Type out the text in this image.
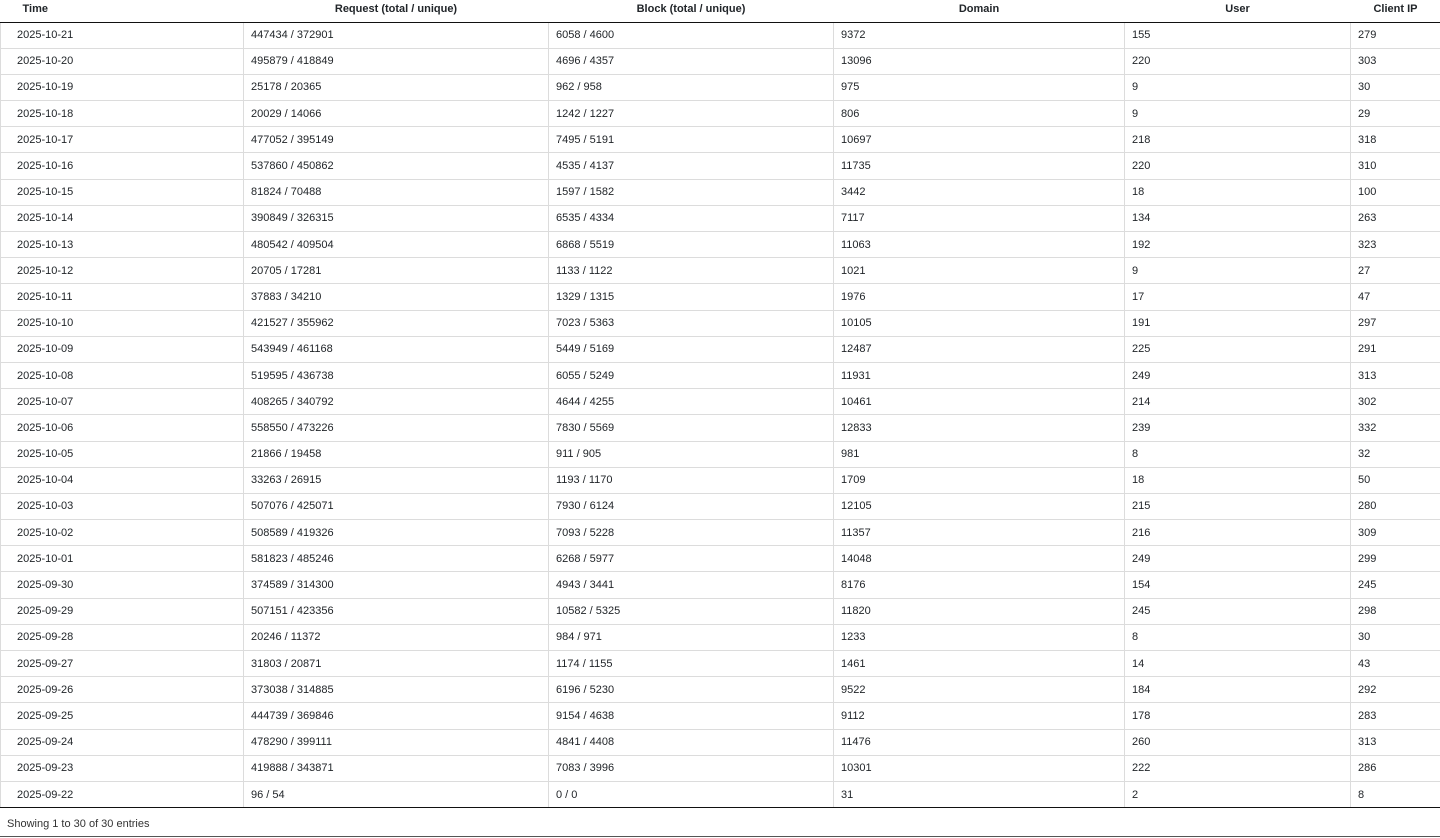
Time	Request (total / unique)	Block (total / unique)	Domain	User	Client IP
2025-10-21	447434 / 372901	6058 / 4600	9372	155	279
2025-10-20	495879 / 418849	4696 / 4357	13096	220	303
2025-10-19	25178 / 20365	962 / 958	975	9	30
2025-10-18	20029 / 14066	1242 / 1227	806	9	29
2025-10-17	477052 / 395149	7495 / 5191	10697	218	318
2025-10-16	537860 / 450862	4535 / 4137	11735	220	310
2025-10-15	81824 / 70488	1597 / 1582	3442	18	100
2025-10-14	390849 / 326315	6535 / 4334	7117	134	263
2025-10-13	480542 / 409504	6868 / 5519	11063	192	323
2025-10-12	20705 / 17281	1133 / 1122	1021	9	27
2025-10-11	37883 / 34210	1329 / 1315	1976	17	47
2025-10-10	421527 / 355962	7023 / 5363	10105	191	297
2025-10-09	543949 / 461168	5449 / 5169	12487	225	291
2025-10-08	519595 / 436738	6055 / 5249	11931	249	313
2025-10-07	408265 / 340792	4644 / 4255	10461	214	302
2025-10-06	558550 / 473226	7830 / 5569	12833	239	332
2025-10-05	21866 / 19458	911 / 905	981	8	32
2025-10-04	33263 / 26915	1193 / 1170	1709	18	50
2025-10-03	507076 / 425071	7930 / 6124	12105	215	280
2025-10-02	508589 / 419326	7093 / 5228	11357	216	309
2025-10-01	581823 / 485246	6268 / 5977	14048	249	299
2025-09-30	374589 / 314300	4943 / 3441	8176	154	245
2025-09-29	507151 / 423356	10582 / 5325	11820	245	298
2025-09-28	20246 / 11372	984 / 971	1233	8	30
2025-09-27	31803 / 20871	1174 / 1155	1461	14	43
2025-09-26	373038 / 314885	6196 / 5230	9522	184	292
2025-09-25	444739 / 369846	9154 / 4638	9112	178	283
2025-09-24	478290 / 399111	4841 / 4408	11476	260	313
2025-09-23	419888 / 343871	7083 / 3996	10301	222	286
2025-09-22	96 / 54	0 / 0	31	2	8
Showing 1 to 30 of 30 entries
